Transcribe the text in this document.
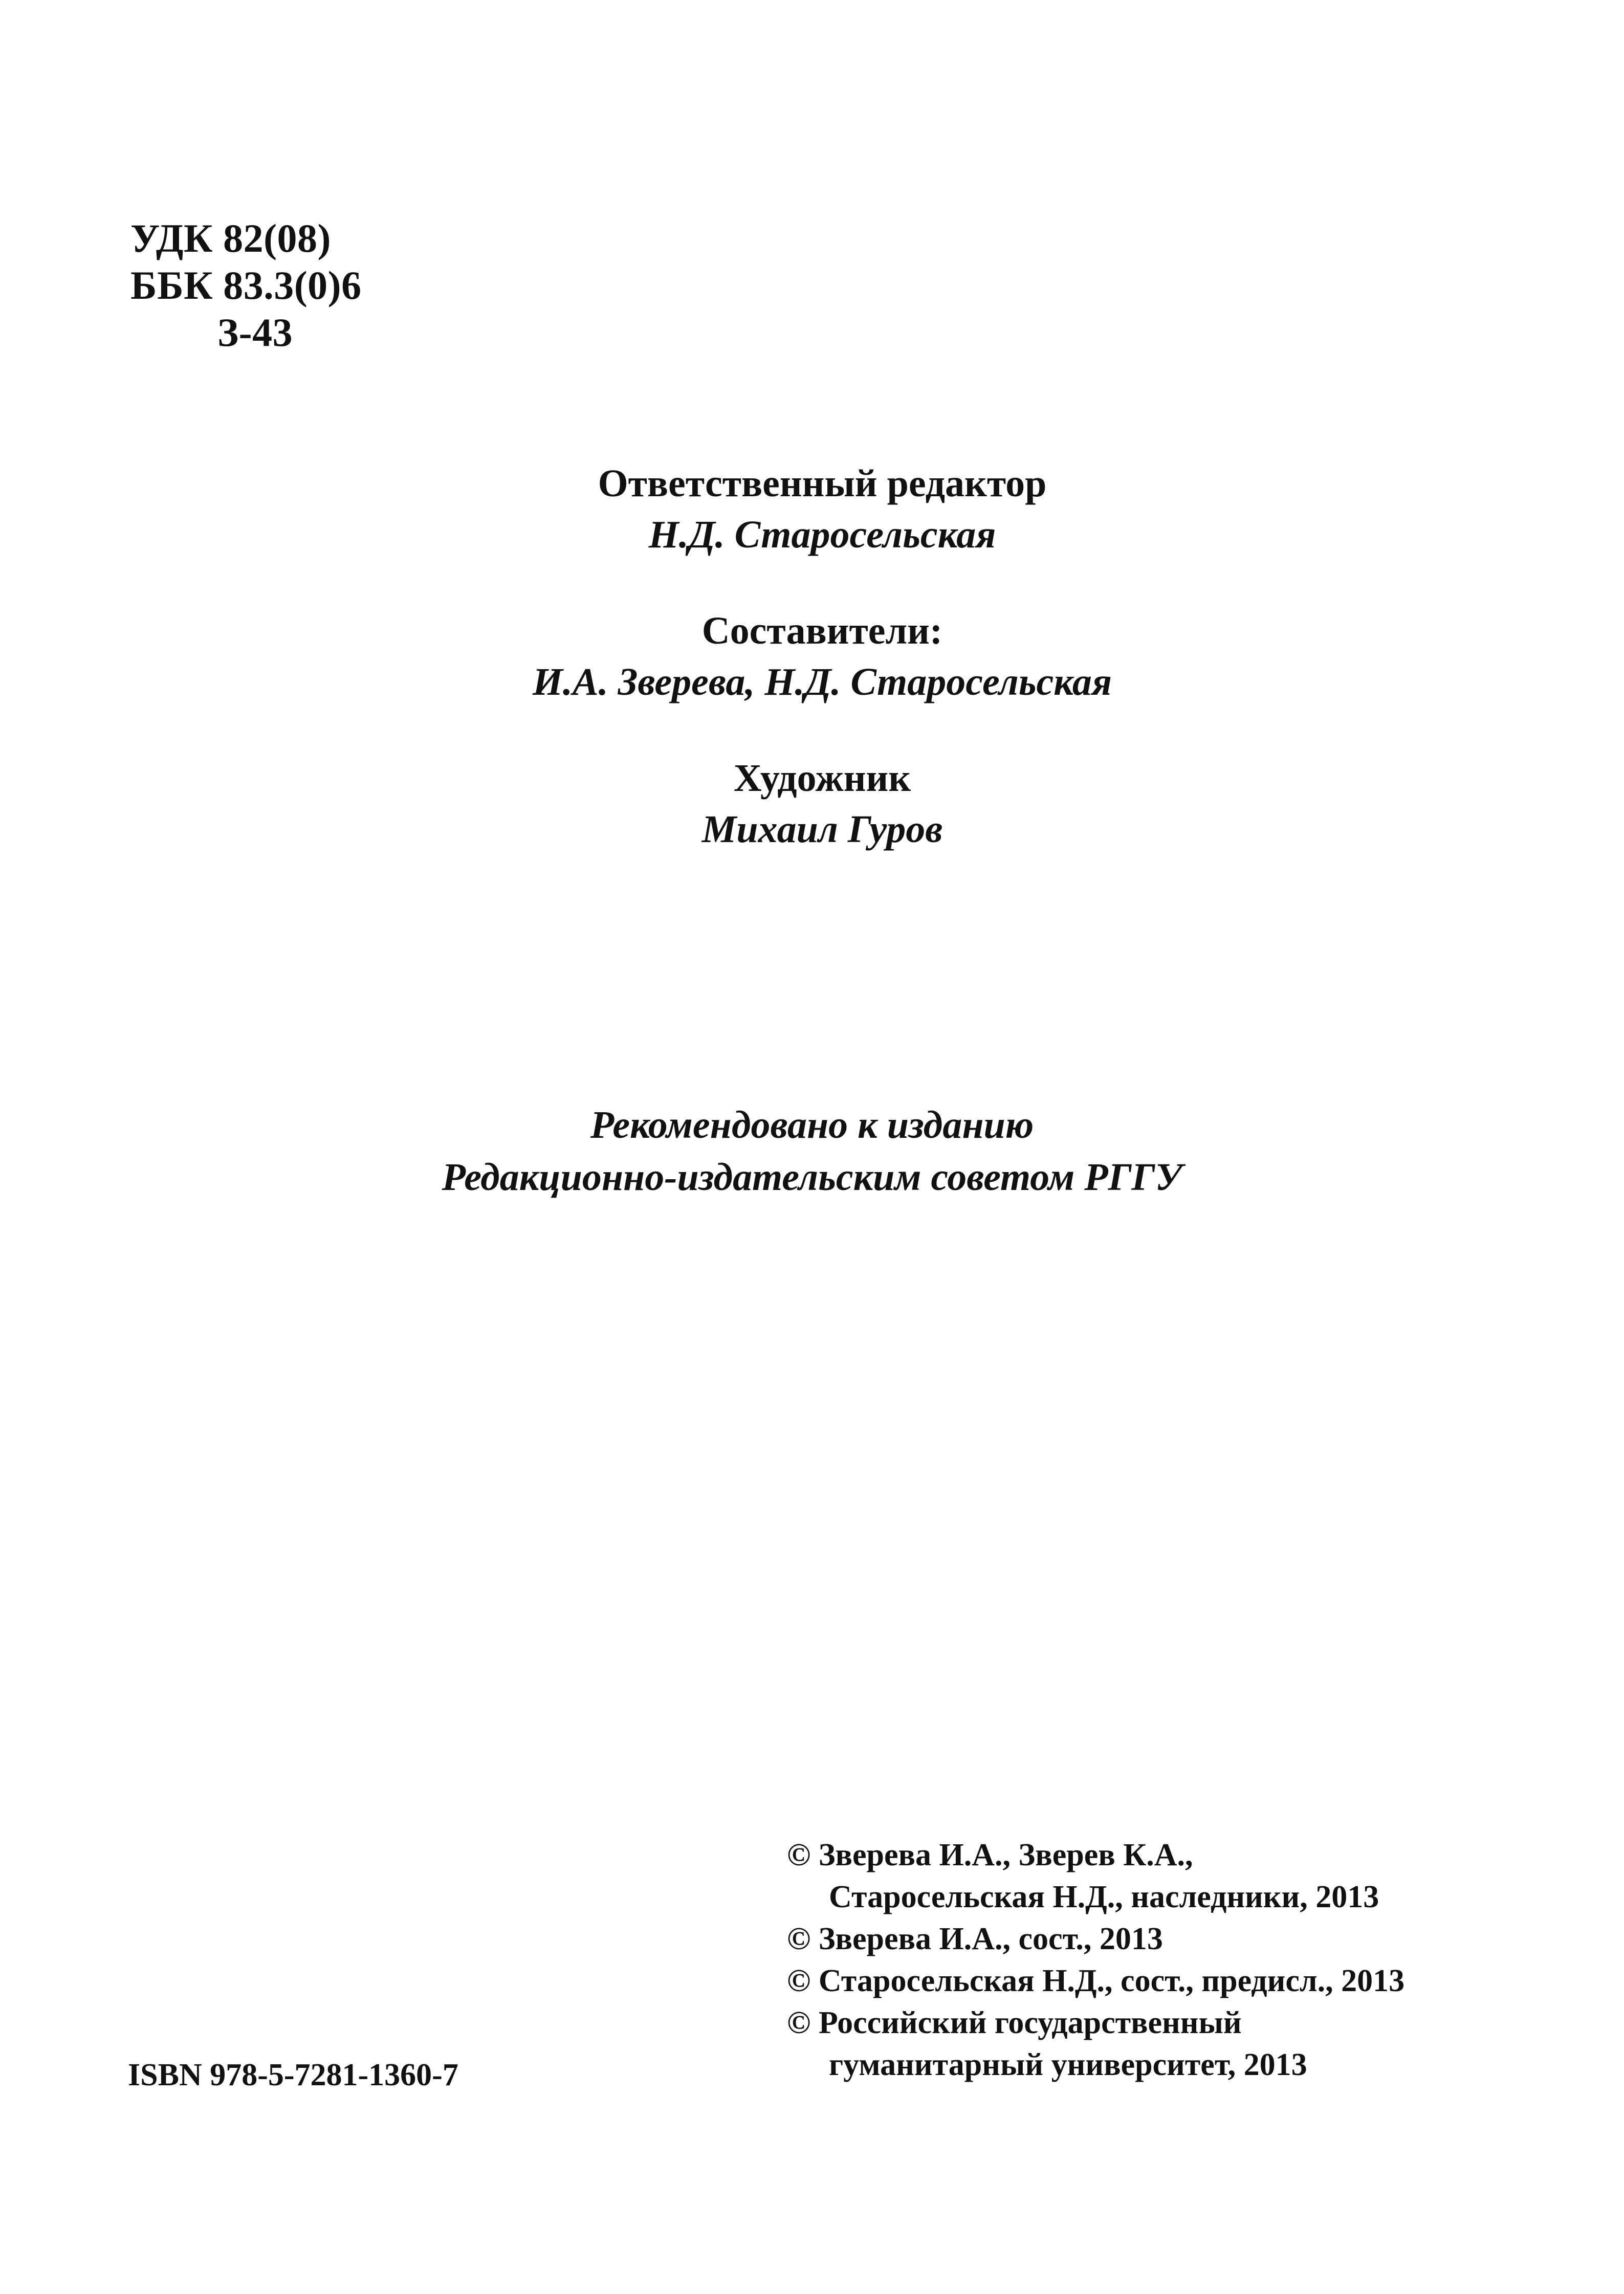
УДК 82(08)
ББК 83.3(0)6
З-43
Ответственный редактор
Н.Д. Старосельская
Составители:
И.А. Зверева, Н.Д. Старосельская
Художник
Михаил Гуров
Рекомендовано к изданию
Редакционно-издательским советом РГГУ
© Зверева И.А., Зверев К.А.,
Старосельская Н.Д., наследники, 2013
© Зверева И.А., сост., 2013
© Старосельская Н.Д., сост., предисл., 2013
© Российский государственный
гуманитарный университет, 2013
ISBN 978-5-7281-1360-7
